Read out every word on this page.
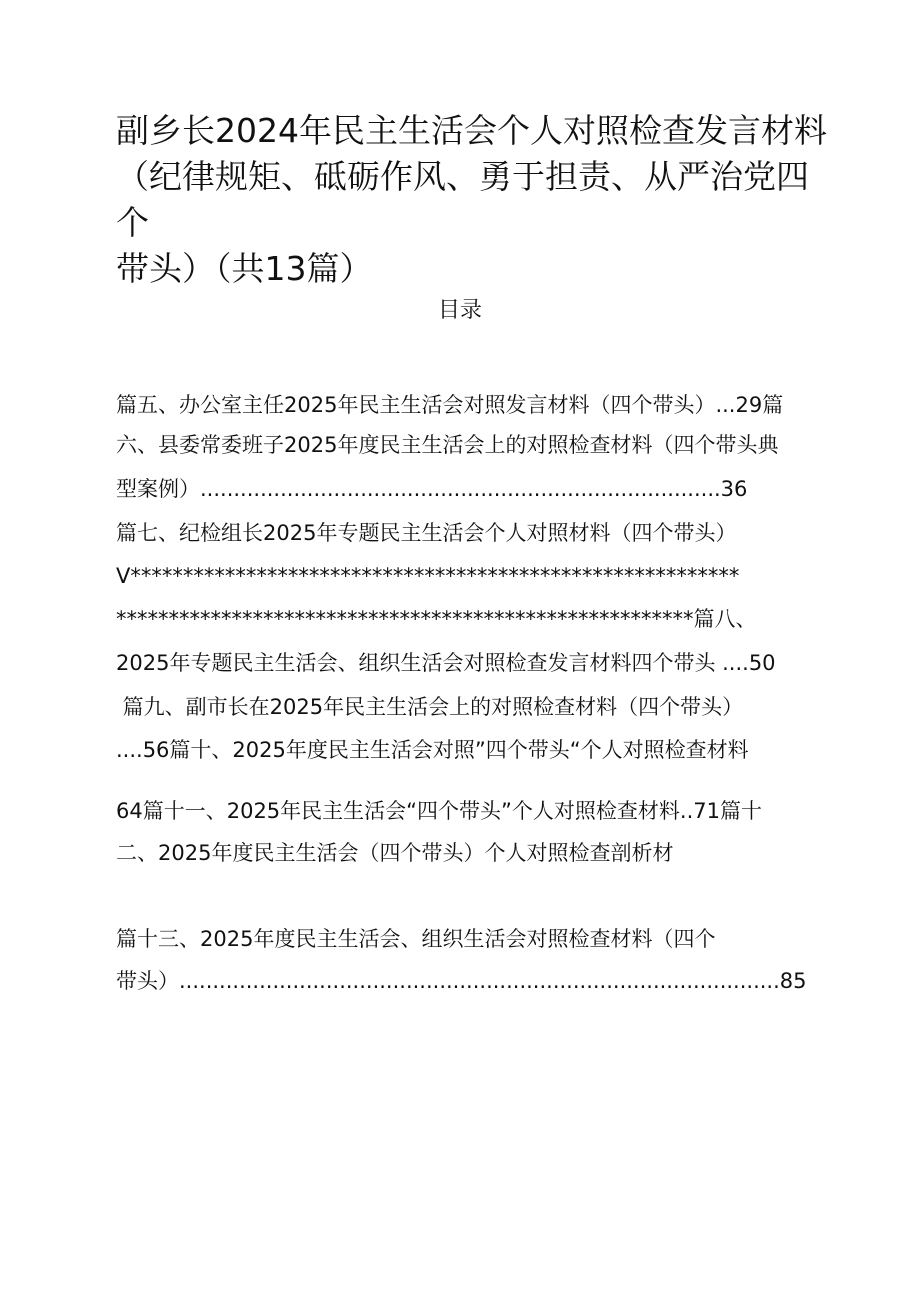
副乡长2024年民主生活会个人对照检查发言材料
（纪律规矩、砥砺作风、勇于担责、从严治党四个
带头）（共13篇）
目录
篇五、办公室主任2025年民主生活会对照发言材料（四个带头）...29篇
六、县委常委班子2025年度民主生活会上的对照检查材料（四个带头典
型案例）..............................................................................36
篇七、纪检组长2025年专题民主生活会个人对照材料（四个带头）
V**********************************************************
*******************************************************篇八、
2025年专题民主生活会、组织生活会对照检查发言材料四个带头 ....50
篇九、副市长在2025年民主生活会上的对照检查材料（四个带头）
....56篇十、2025年度民主生活会对照”四个带头“个人对照检查材料
64篇十一、2025年民主生活会“四个带头”个人对照检查材料..71篇十
二、2025年度民主生活会（四个带头）个人对照检查剖析材
篇十三、2025年度民主生活会、组织生活会对照检查材料（四个
带头）..........................................................................................85
